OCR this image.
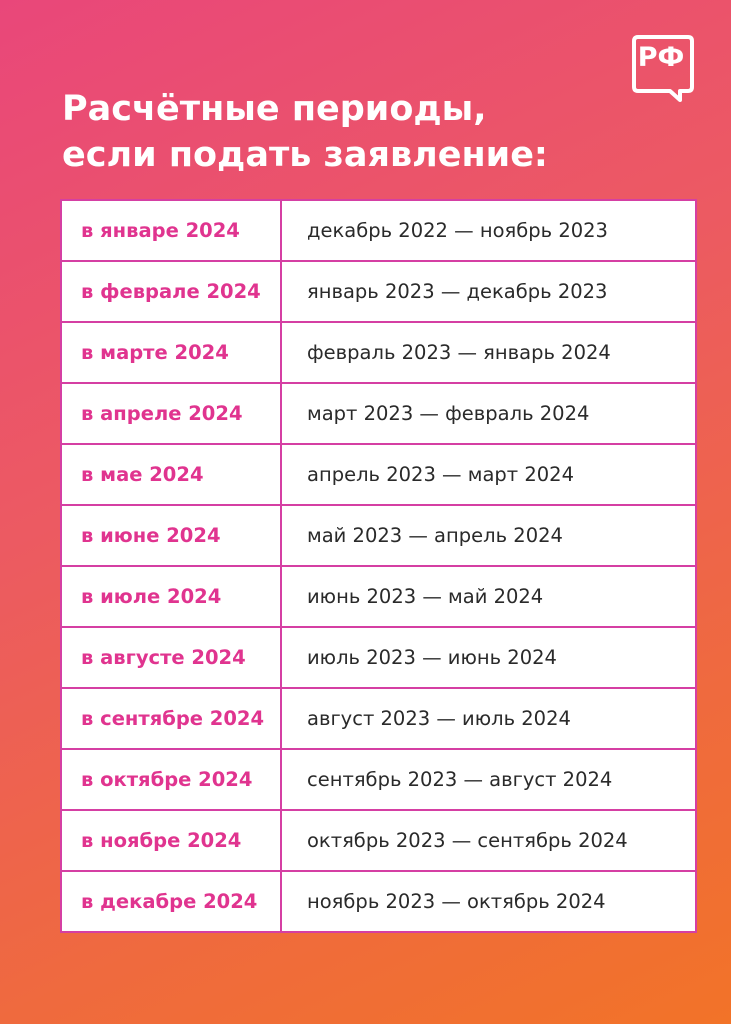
РФ
Расчётные периоды,
если подать заявление:
в январе 2024	декабрь 2022 — ноябрь 2023
в феврале 2024	январь 2023 — декабрь 2023
в марте 2024	февраль 2023 — январь 2024
в апреле 2024	март 2023 — февраль 2024
в мае 2024	апрель 2023 — март 2024
в июне 2024	май 2023 — апрель 2024
в июле 2024	июнь 2023 — май 2024
в августе 2024	июль 2023 — июнь 2024
в сентябре 2024	август 2023 — июль 2024
в октябре 2024	сентябрь 2023 — август 2024
в ноябре 2024	октябрь 2023 — сентябрь 2024
в декабре 2024	ноябрь 2023 — октябрь 2024
